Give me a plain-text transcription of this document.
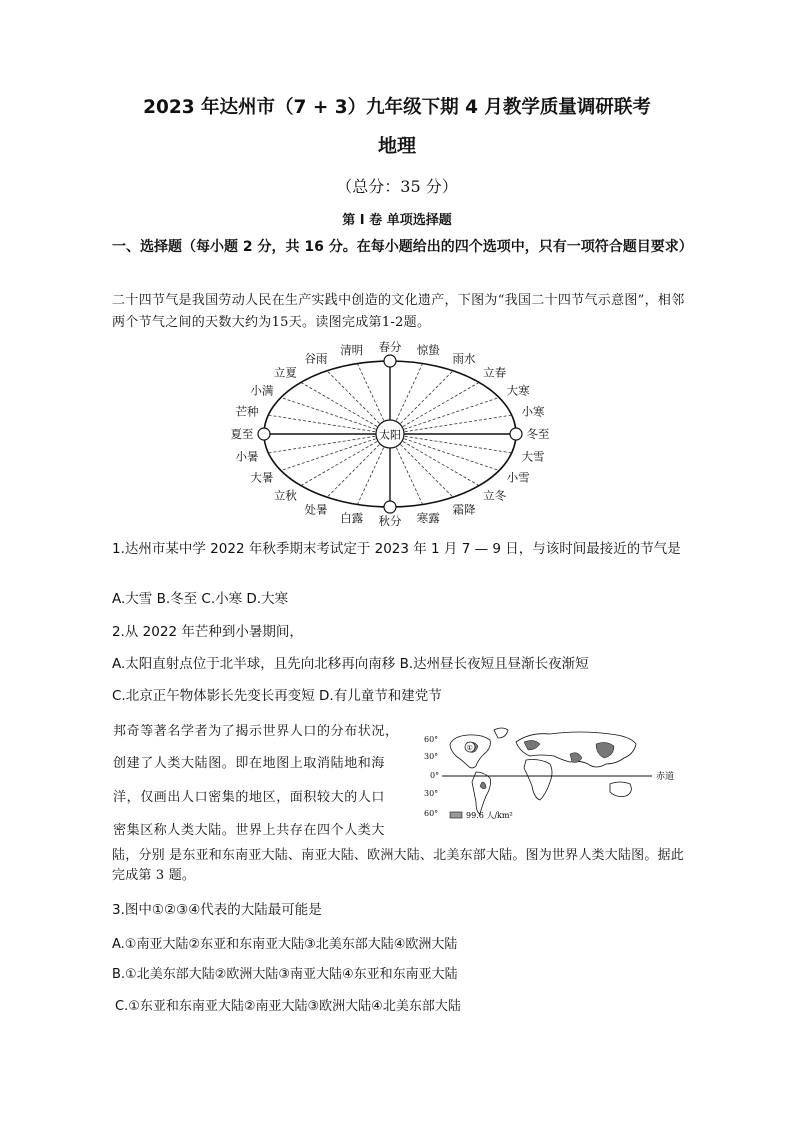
2023 年达州市（7 + 3）九年级下期 4 月教学质量调研联考
地理
（总分：35 分）
第 I 卷 单项选择题
一、选择题（每小题 2 分，共 16 分。在每小题给出的四个选项中，只有一项符合题目要求）
二十四节气是我国劳动人民在生产实践中创造的文化遗产，下图为“我国二十四节气示意图”，相邻两个节气之间的天数大约为15天。读图完成第1-2题。
太阳
春分 惊蛰
雨水
立春
大寒
小寒
冬至
大雪
小雪
立冬
霜降
寒露
秋分
白露
处暑
立秋
大暑
小暑
夏至
芒种
小满
立夏
谷雨
清明
1.达州市某中学 2022 年秋季期末考试定于 2023 年 1 月 7 — 9 日，与该时间最接近的节气是
A.大雪 B.冬至 C.小寒 D.大寒
2.从 2022 年芒种到小暑期间，
A.太阳直射点位于北半球，且先向北移再向南移 B.达州昼长夜短且昼渐长夜渐短
C.北京正午物体影长先变长再变短 D.有儿童节和建党节
邦奇等著名学者为了揭示世界人口的分布状况，
创建了人类大陆图。即在地图上取消陆地和海
洋，仅画出人口密集的地区，面积较大的人口
密集区称人类大陆。世界上共存在四个人类大
60°
30°
0°
30°
60°
①
赤道
99.6 人/km²
陆，分别 是东亚和东南亚大陆、南亚大陆、欧洲大陆、北美东部大陆。图为世界人类大陆图。据此完成第 3 题。
3.图中①②③④代表的大陆最可能是
A.①南亚大陆②东亚和东南亚大陆③北美东部大陆④欧洲大陆
B.①北美东部大陆②欧洲大陆③南亚大陆④东亚和东南亚大陆
C.①东亚和东南亚大陆②南亚大陆③欧洲大陆④北美东部大陆
